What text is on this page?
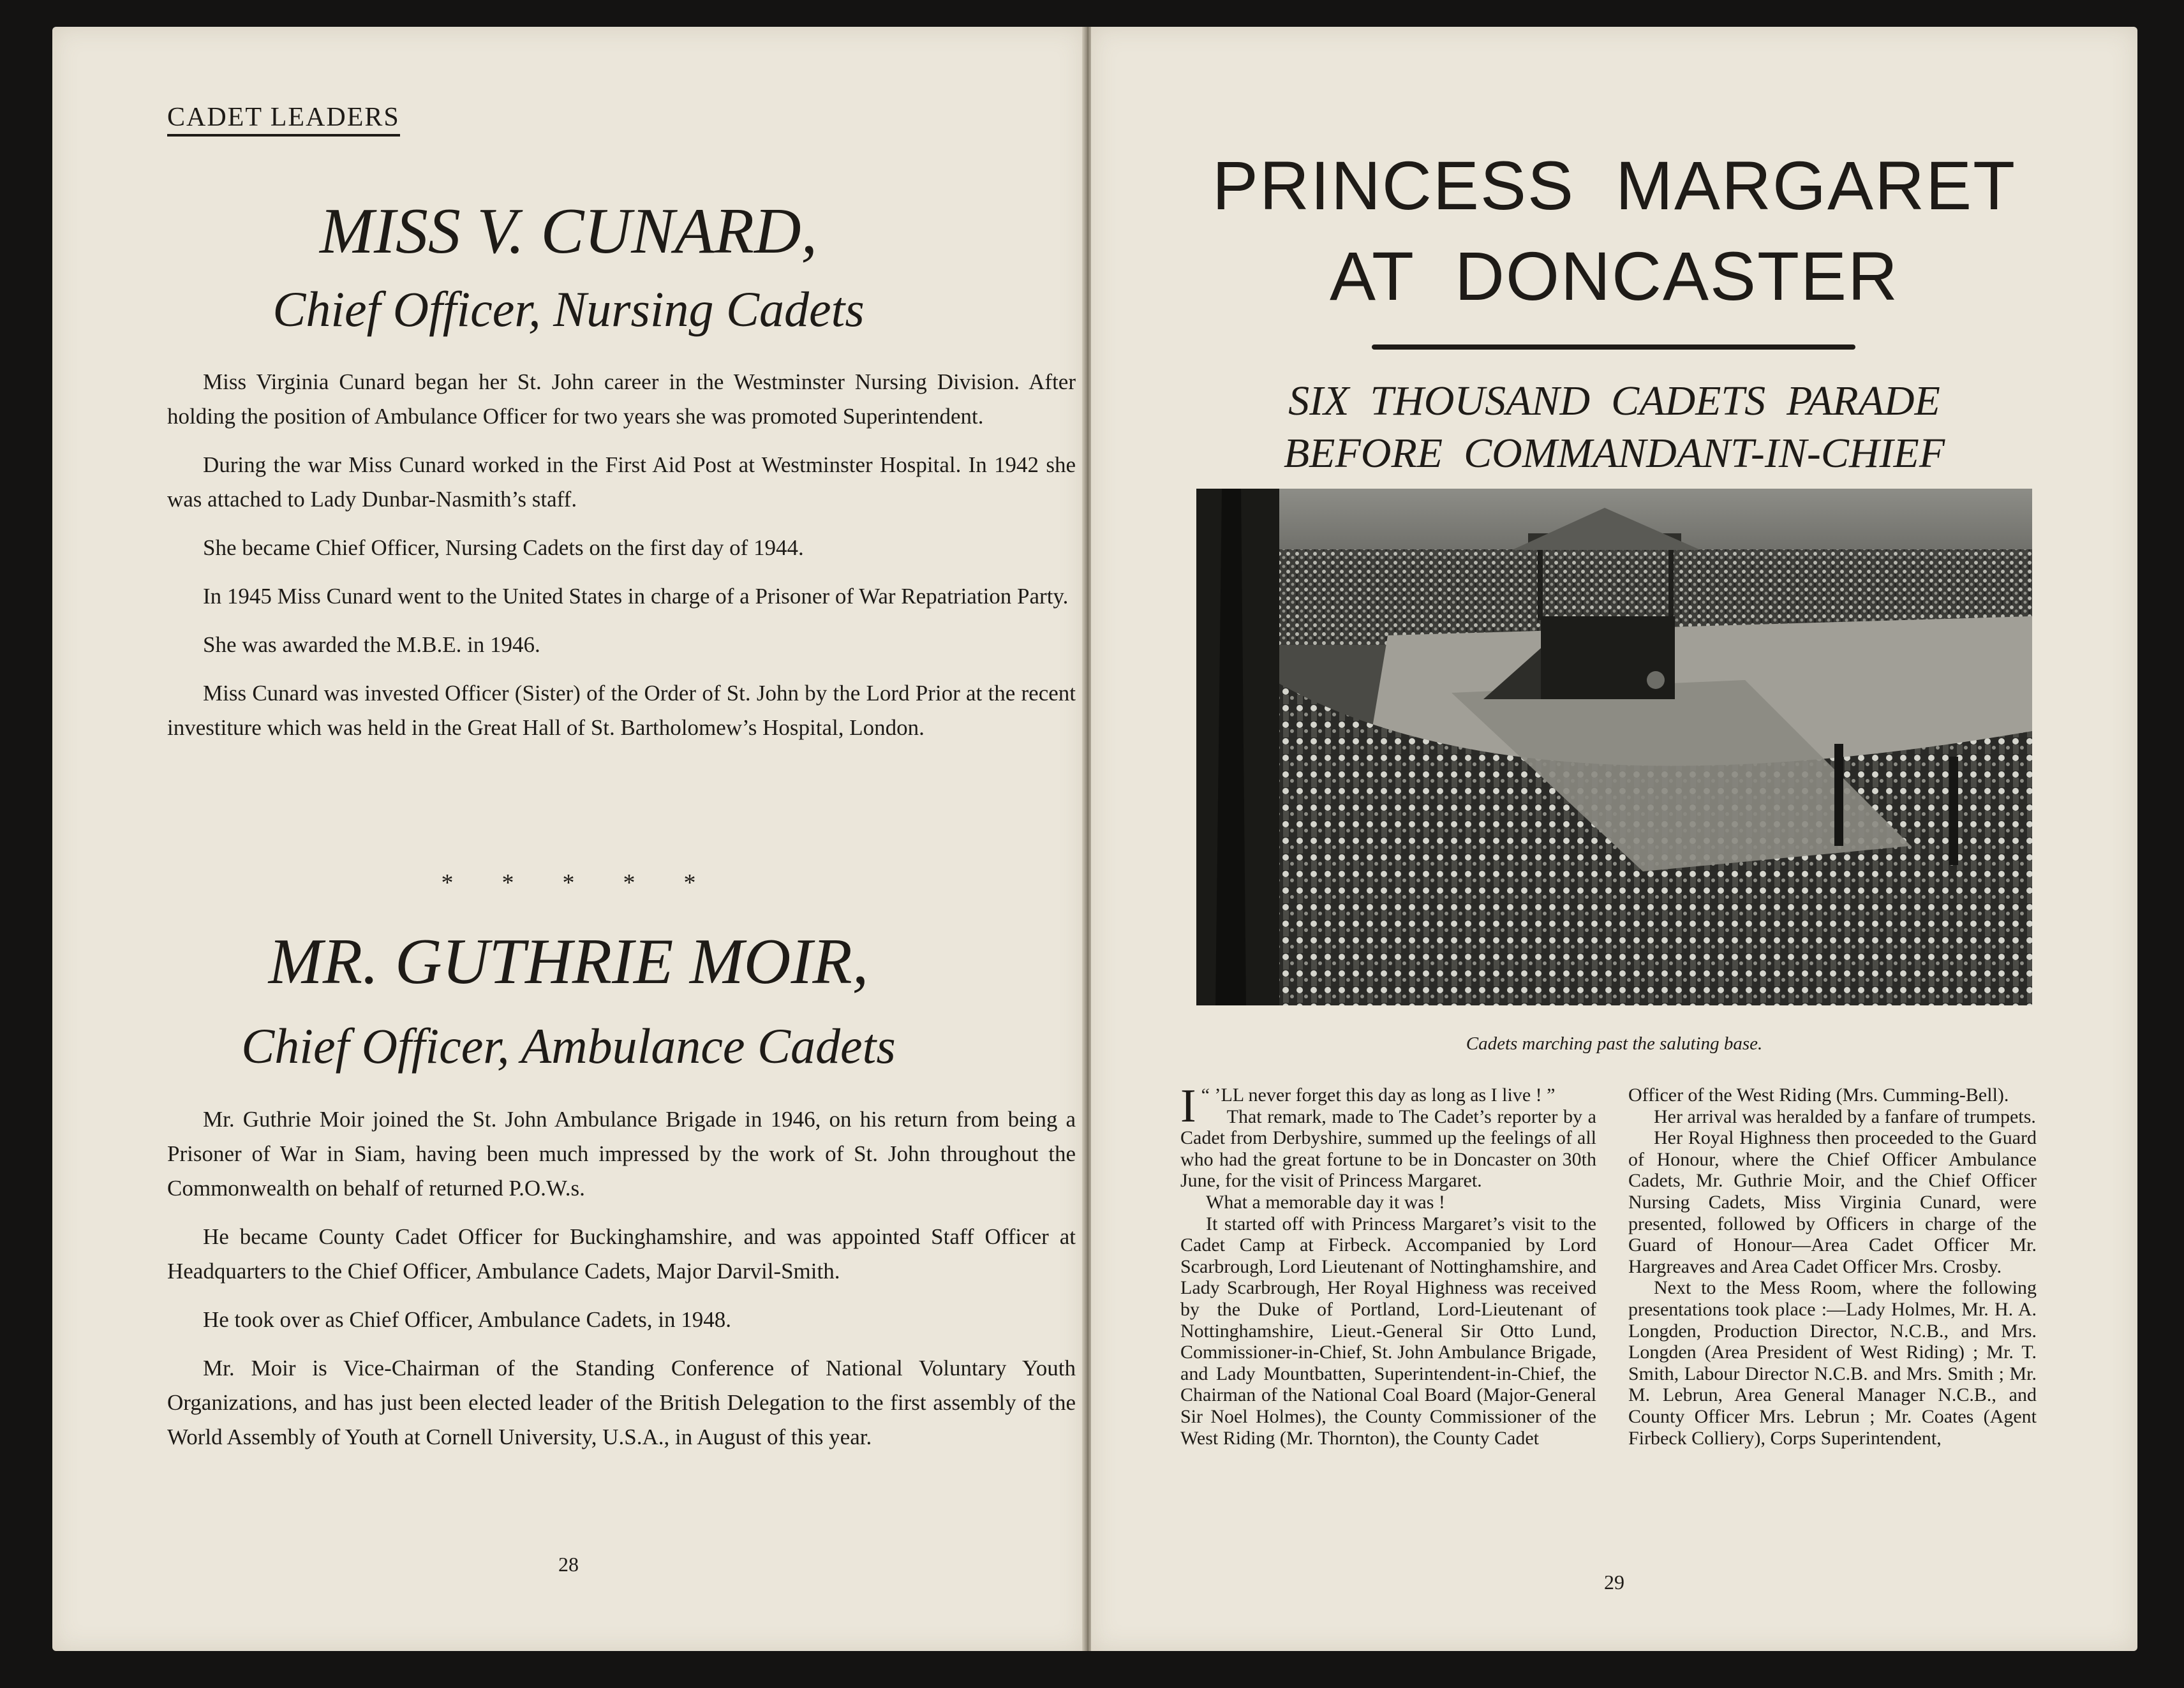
CADET LEADERS
MISS V. CUNARD,
Chief Officer, Nursing Cadets

Miss Virginia Cunard began her St. John career in the Westminster Nursing Division. After holding the position of Ambulance Officer for two years she was promoted Superintendent.

During the war Miss Cunard worked in the First Aid Post at Westminster Hospital. In 1942 she was attached to Lady Dunbar-Nasmith’s staff.

She became Chief Officer, Nursing Cadets on the first day of 1944.

In 1945 Miss Cunard went to the United States in charge of a Prisoner of War Repatriation Party.

She was awarded the M.B.E. in 1946.

Miss Cunard was invested Officer (Sister) of the Order of St. John by the Lord Prior at the recent investiture which was held in the Great Hall of St. Bartholomew’s Hospital, London.

*        *        *        *        *
MR. GUTHRIE MOIR,
Chief Officer, Ambulance Cadets

Mr. Guthrie Moir joined the St. John Ambulance Brigade in 1946, on his return from being a Prisoner of War in Siam, having been much impressed by the work of St. John throughout the Commonwealth on behalf of returned P.O.W.s.

He became County Cadet Officer for Buckinghamshire, and was appointed Staff Officer at Headquarters to the Chief Officer, Ambulance Cadets, Major Darvil-Smith.

He took over as Chief Officer, Ambulance Cadets, in 1948.

Mr. Moir is Vice-Chairman of the Standing Conference of National Voluntary Youth Organizations, and has just been elected leader of the British Delegation to the first assembly of the World Assembly of Youth at Cornell University, U.S.A., in August of this year.

28
PRINCESS  MARGARET
AT  DONCASTER
SIX  THOUSAND  CADETS  PARADE
BEFORE  COMMANDANT-IN-CHIEF
Cadets marching past the saluting base.

I “ ’LL never forget this day as long as I live ! ”

That remark, made to The Cadet’s reporter by a Cadet from Derbyshire, summed up the feelings of all who had the great fortune to be in Doncaster on 30th June, for the visit of Princess Margaret.

What a memorable day it was !

It started off with Princess Margaret’s visit to the Cadet Camp at Firbeck. Accompanied by Lord Scarbrough, Lord Lieutenant of Nottinghamshire, and Lady Scarbrough, Her Royal Highness was received by the Duke of Portland, Lord-Lieutenant of Nottinghamshire, Lieut.-General Sir Otto Lund, Commissioner-in-Chief, St. John Ambulance Brigade, and Lady Mountbatten, Superintendent-in-Chief, the Chairman of the National Coal Board (Major-General Sir Noel Holmes), the County Commissioner of the West Riding (Mr. Thornton), the County Cadet

Officer of the West Riding (Mrs. Cumming-Bell).

Her arrival was heralded by a fanfare of trumpets.

Her Royal Highness then proceeded to the Guard of Honour, where the Chief Officer Ambulance Cadets, Mr. Guthrie Moir, and the Chief Officer Nursing Cadets, Miss Virginia Cunard, were presented, followed by Officers in charge of the Guard of Honour—Area Cadet Officer Mr. Hargreaves and Area Cadet Officer Mrs. Crosby.

Next to the Mess Room, where the following presentations took place :—Lady Holmes, Mr. H. A. Longden, Production Director, N.C.B., and Mrs. Longden (Area President of West Riding) ; Mr. T. Smith, Labour Director N.C.B. and Mrs. Smith ; Mr. M. Lebrun, Area General Manager N.C.B., and County Officer Mrs. Lebrun ; Mr. Coates (Agent Firbeck Colliery), Corps Superintendent,

29
